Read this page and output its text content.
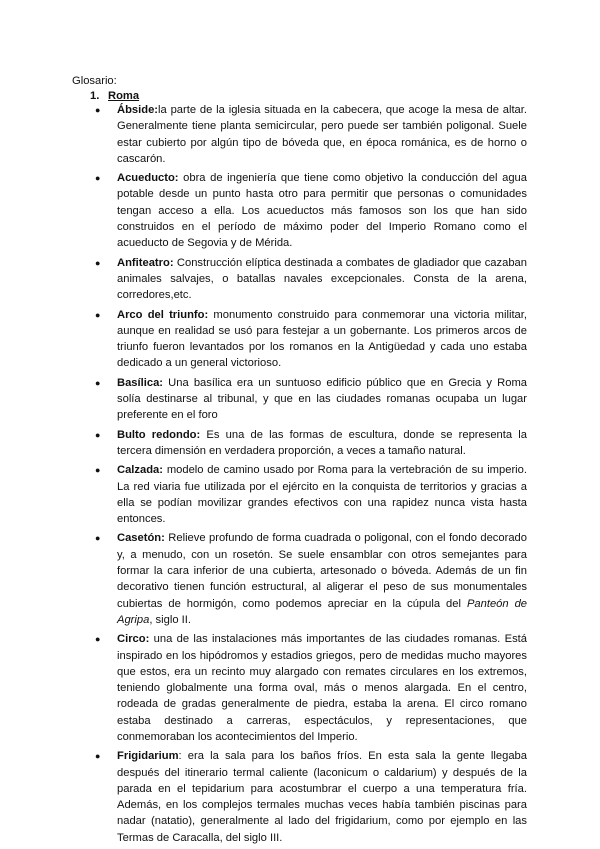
Glosario:
1. Roma
● Ábside:la parte de la iglesia situada en la cabecera, que acoge la mesa de altar. Generalmente tiene planta semicircular, pero puede ser también poligonal. Suele estar cubierto por algún tipo de bóveda que, en época románica, es de horno o cascarón.
● Acueducto: obra de ingeniería que tiene como objetivo la conducción del agua potable desde un punto hasta otro para permitir que personas o comunidades tengan acceso a ella. Los acueductos más famosos son los que han sido construidos en el período de máximo poder del Imperio Romano como el acueducto de Segovia y de Mérida.
● Anfiteatro: Construcción elíptica destinada a combates de gladiador que cazaban animales salvajes, o batallas navales excepcionales. Consta de la arena, corredores,etc.
● Arco del triunfo: monumento construido para conmemorar una victoria militar, aunque en realidad se usó para festejar a un gobernante. Los primeros arcos de triunfo fueron levantados por los romanos en la Antigüedad y cada uno estaba dedicado a un general victorioso.
● Basílica: Una basílica era un suntuoso edificio público que en Grecia y Roma solía destinarse al tribunal, y que en las ciudades romanas ocupaba un lugar preferente en el foro
● Bulto redondo: Es una de las formas de escultura, donde se representa la tercera dimensión en verdadera proporción, a veces a tamaño natural.
● Calzada: modelo de camino usado por Roma para la vertebración de su imperio. La red viaria fue utilizada por el ejército en la conquista de territorios y gracias a ella se podían movilizar grandes efectivos con una rapidez nunca vista hasta entonces.
● Casetón: Relieve profundo de forma cuadrada o poligonal, con el fondo decorado y, a menudo, con un rosetón. Se suele ensamblar con otros semejantes para formar la cara inferior de una cubierta, artesonado o bóveda. Además de un fin decorativo tienen función estructural, al aligerar el peso de sus monumentales cubiertas de hormigón, como podemos apreciar en la cúpula del Panteón de Agripa, siglo II.
● Circo: una de las instalaciones más importantes de las ciudades romanas. Está inspirado en los hipódromos y estadios griegos, pero de medidas mucho mayores que estos, era un recinto muy alargado con remates circulares en los extremos, teniendo globalmente una forma oval, más o menos alargada. En el centro, rodeada de gradas generalmente de piedra, estaba la arena. El circo romano estaba destinado a carreras, espectáculos, y representaciones, que conmemoraban los acontecimientos del Imperio.
● Frigidarium: era la sala para los baños fríos. En esta sala la gente llegaba después del itinerario termal caliente (laconicum o caldarium) y después de la parada en el tepidarium para acostumbrar el cuerpo a una temperatura fría. Además, en los complejos termales muchas veces había también piscinas para nadar (natatio), generalmente al lado del frigidarium, como por ejemplo en las Termas de Caracalla, del siglo III.
